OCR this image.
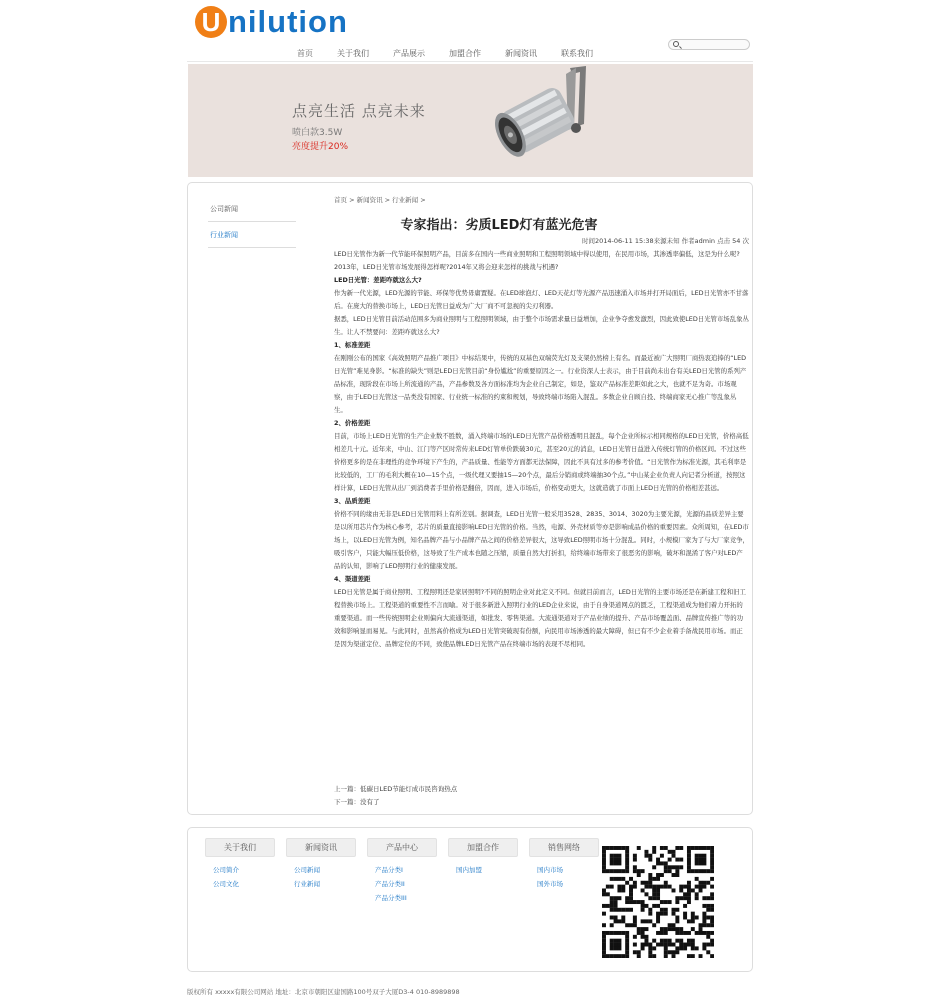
U nilution
首页	关于我们	产品展示	加盟合作	新闻资讯	联系我们
点亮生活 点亮未来
喷白款3.5W
亮度提升20%
公司新闻
行业新闻
首页 > 新闻资讯 > 行业新闻 >
专家指出：劣质LED灯有蓝光危害
时间2014-06-11 15:38来源未知 作者admin 点击 54 次

LED日光管作为新一代节能环保照明产品，目前多在国内一些商业照明和工程照明领域中得以使用，在民用市场，其渗透率偏低，这是为什么呢?2013年，LED日光管市场发展得怎样呢?2014年又将会迎来怎样的挑战与机遇?

LED日光管：差距咋就这么大?

作为新一代光源，LED光源的节能、环保等优势毋庸置疑。在LED球泡灯、LED天花灯等光源产品迅速涌入市场并打开局面后，LED日光管亦不甘落后。在庞大的替换市场上，LED日光管日益成为广大厂商不可忽视的尖刃利器。

据悉，LED日光管目前活动范围多为商业照明与工程照明领域，由于整个市场需求量日益增加，企业争夺愈发激烈，因此致使LED日光管市场乱象丛生。让人不禁要问：差距咋就这么大?

1、标准差距

在刚刚公布的国家《高效照明产品推广项目》中标结果中，传统的双基色双端荧光灯及支架仍然榜上有名。而最近被广大照明厂商热衷追捧的“LED日光管”难见身影。“标准的缺失”则是LED日光管目前“身份尴尬”的重要原因之一。行业资深人士表示，由于目前尚未出台有关LED日光管的系列产品标准，现阶段在市场上所流通的产品，产品参数及各方面标准均为企业自己制定，如是，鉴双产品标准差距如此之大，也就不足为奇。市场观察，由于LED日光管这一品类没有国家、行业统一标准的约束和规划，导致终端市场陷入混乱。多数企业自顾自投、终端商家无心推广等乱象丛生。

2、价格差距

目前，市场上LED日光管的生产企业数不胜数，涌入终端市场的LED日光管产品价格透明且混乱，每个企业所标示相同规格的LED日光管，价格高低相差几十元。近年来，中山、江门等产区时常传来LED灯管单价跌破30元，甚至20元的消息，LED日光管日益进入传统灯管的价格区间。不过这些价格更多的是在非理性的竞争环境下产生的，产品质量、性能等方面都无法保障，因此不具有过多的参考价值。“日光管作为标准光源，其毛利率是比较低的，工厂的毛利大概在10—15个点，一级代理又要抽15—20个点，最后分销商或终端抽30个点。”中山某企业负责人向记者分析道，按照这样计算，LED日光管从出厂到消费者手里价格是翻倍，因而，进入市场后，价格变动更大，这就造就了市面上LED日光管的价格相差甚远。

3、品质差距

价格不同的缘由无非是LED日光管用料上有所差别。据调查，LED日光管一般采用3528、2835、3014、3020为主要光源，光源的品质差异主要是以所用芯片作为核心参考，芯片的质量直接影响LED日光管的价格。当然，电源、外壳材质等亦是影响成品价格的重要因素。众所周知，在LED市场上，以LED日光管为例，知名品牌产品与小品牌产品之间的价格差异很大，这导致LED照明市场十分混乱。同时，小规模厂家为了与大厂家竞争，吸引客户，只能大幅压低价格，这导致了生产成本也随之压缩，质量自然大打折扣，给终端市场带来了很恶劣的影响，破坏和混淆了客户对LED产品的认知，影响了LED照明行业的健康发展。

4、渠道差距

LED日光管是属于商业照明、工程照明还是家居照明?不同的照明企业对此定义不同。但就目前而言，LED日光管的主要市场还是在新建工程和旧工程替换市场上。工程渠道的重要性不言而喻。对于很多新进入照明行业的LED企业来说，由于自身渠道网点的匮乏，工程渠道成为他们着力开拓的重要渠道。而一些传统照明企业则偏向大流通渠道，如批发、零售渠道。大流通渠道对于产品业绩的提升、产品市场覆盖面、品牌宣传推广等的功效和影响显而易见。与此同时，虽然高价格成为LED日光管突破现有份额，向民用市场渗透的最大障碍，但已有不少企业着手备战民用市场。而正是因为渠道定位、品牌定位的不同，致使品牌LED日光管产品在终端市场的表现不尽相同。

上一篇：低碳日LED节能灯成市民咨询热点
下一篇：没有了
关于我们
公司简介
公司文化
新闻资讯
公司新闻
行业新闻
产品中心
产品分类I
产品分类II
产品分类III
加盟合作
国内加盟
销售网络
国内市场
国外市场
版权所有 xxxxx有限公司网站 地址：北京市朝阳区建国路100号双子大厦D3-4 010-8989898
